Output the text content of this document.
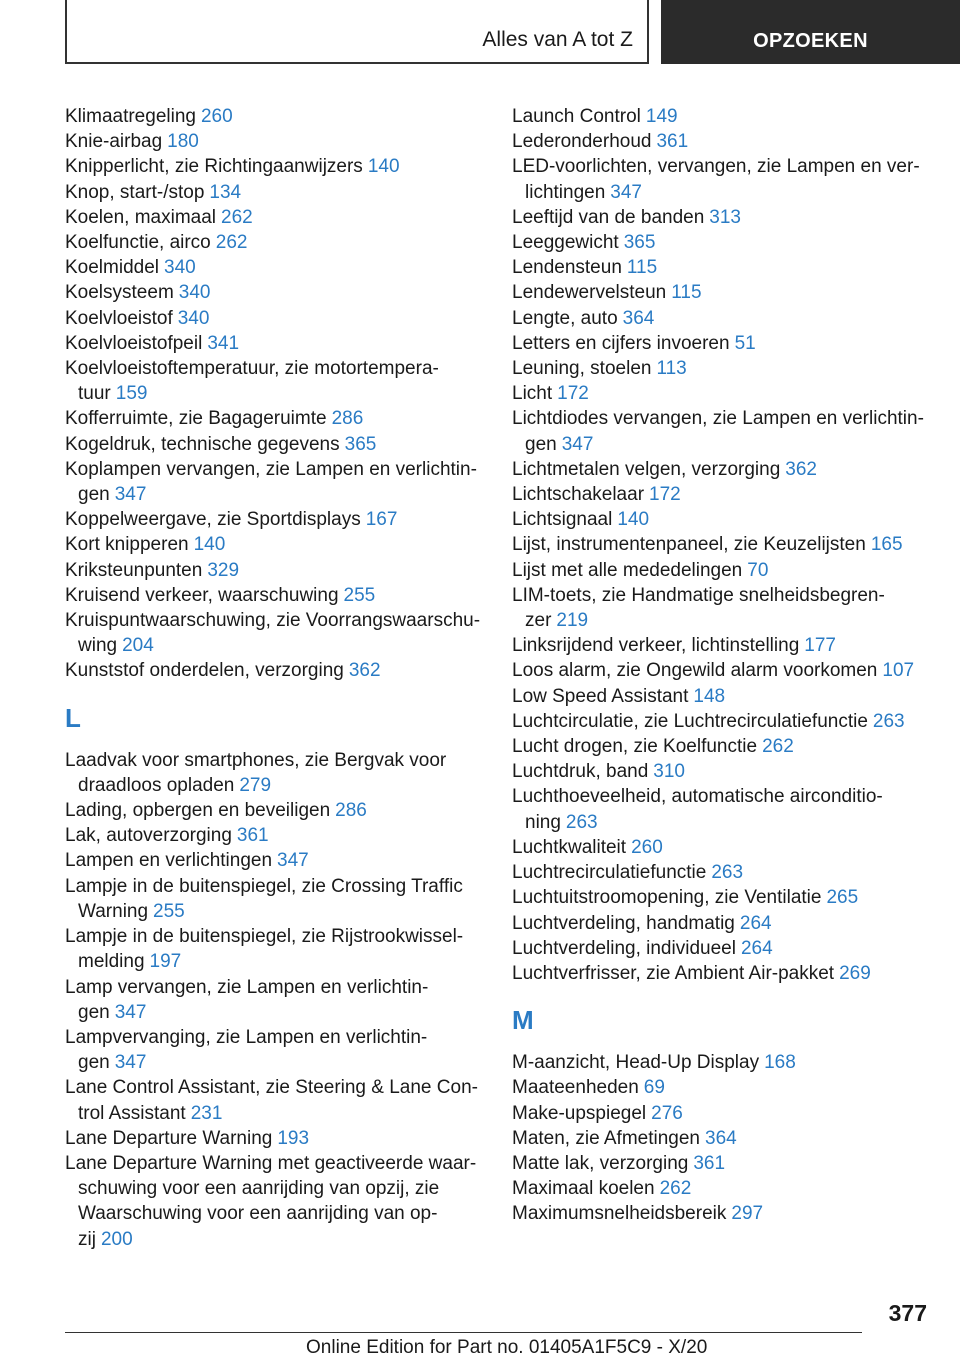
Alles van A tot Z	OPZOEKEN
Klimaatregeling 260
Knie-airbag 180
Knipperlicht, zie Richtingaanwijzers 140
Knop, start-/stop 134
Koelen, maximaal 262
Koelfunctie, airco 262
Koelmiddel 340
Koelsysteem 340
Koelvloeistof 340
Koelvloeistofpeil 341
Koelvloeistoftemperatuur, zie motortempera‐ tuur 159
Kofferruimte, zie Bagageruimte 286
Kogeldruk, technische gegevens 365
Koplampen vervangen, zie Lampen en verlichtin‐ gen 347
Koppelweergave, zie Sportdisplays 167
Kort knipperen 140
Kriksteunpunten 329
Kruisend verkeer, waarschuwing 255
Kruispuntwaarschuwing, zie Voorrangswaarschu‐ wing 204
Kunststof onderdelen, verzorging 362
L
Laadvak voor smartphones, zie Bergvak voor draadloos opladen 279
Lading, opbergen en beveiligen 286
Lak, autoverzorging 361
Lampen en verlichtingen 347
Lampje in de buitenspiegel, zie Crossing Traffic Warning 255
Lampje in de buitenspiegel, zie Rijstrookwissel‐ melding 197
Lamp vervangen, zie Lampen en verlichtin‐ gen 347
Lampvervanging, zie Lampen en verlichtin‐ gen 347
Lane Control Assistant, zie Steering & Lane Con‐ trol Assistant 231
Lane Departure Warning 193
Lane Departure Warning met geactiveerde waar‐ schuwing voor een aanrijding van opzij, zie Waarschuwing voor een aanrijding van op‐ zij 200
Launch Control 149
Lederonderhoud 361
LED-voorlichten, vervangen, zie Lampen en ver‐ lichtingen 347
Leeftijd van de banden 313
Leeggewicht 365
Lendensteun 115
Lendewervelsteun 115
Lengte, auto 364
Letters en cijfers invoeren 51
Leuning, stoelen 113
Licht 172
Lichtdiodes vervangen, zie Lampen en verlichtin‐ gen 347
Lichtmetalen velgen, verzorging 362
Lichtschakelaar 172
Lichtsignaal 140
Lijst, instrumentenpaneel, zie Keuzelijsten 165
Lijst met alle mededelingen 70
LIM-toets, zie Handmatige snelheidsbegren‐ zer 219
Linksrijdend verkeer, lichtinstelling 177
Loos alarm, zie Ongewild alarm voorkomen 107
Low Speed Assistant 148
Luchtcirculatie, zie Luchtrecirculatiefunctie 263
Lucht drogen, zie Koelfunctie 262
Luchtdruk, band 310
Luchthoeveelheid, automatische airconditio‐ ning 263
Luchtkwaliteit 260
Luchtrecirculatiefunctie 263
Luchtuitstroomopening, zie Ventilatie 265
Luchtverdeling, handmatig 264
Luchtverdeling, individueel 264
Luchtverfrisser, zie Ambient Air-pakket 269
M
M-aanzicht, Head-Up Display 168
Maateenheden 69
Make-upspiegel 276
Maten, zie Afmetingen 364
Matte lak, verzorging 361
Maximaal koelen 262
Maximumsnelheidsbereik 297
377
Online Edition for Part no. 01405A1F5C9 - X/20
